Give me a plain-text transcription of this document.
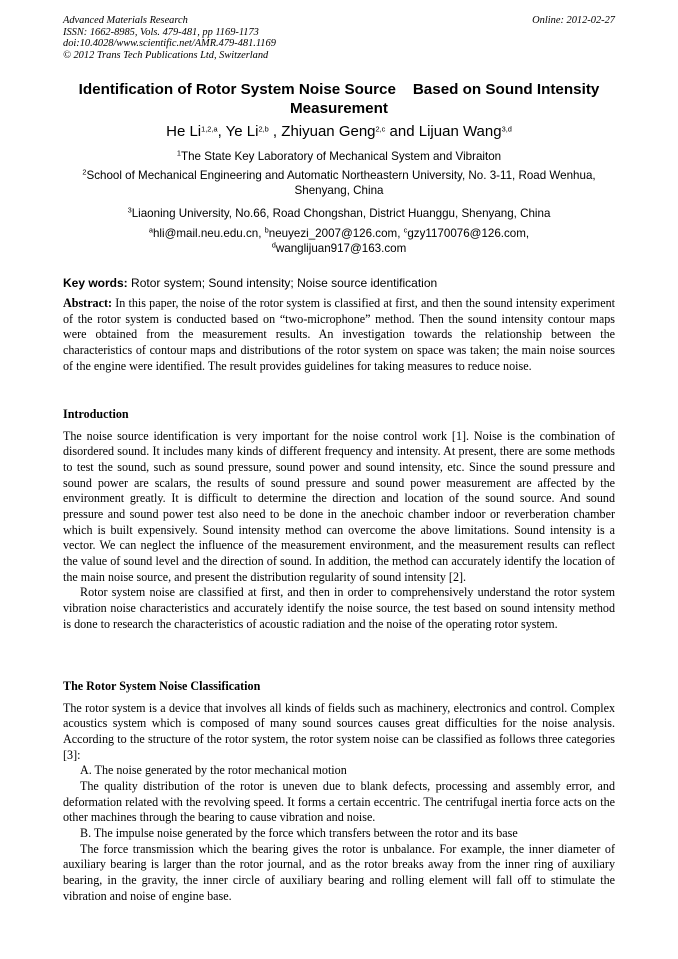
Advanced Materials Research
ISSN: 1662-8985, Vols. 479-481, pp 1169-1173
doi:10.4028/www.scientific.net/AMR.479-481.1169
© 2012 Trans Tech Publications Ltd, Switzerland
Online: 2012-02-27
Identification of Rotor System Noise Source    Based on Sound Intensity
Measurement
He Li$^{1,2,a}$, Ye Li$^{2,b}$ , Zhiyuan Geng$^{2,c}$ and Lijuan Wang$^{3,d}$
$^1$The State Key Laboratory of Mechanical System and Vibraiton
$^2$School of Mechanical Engineering and Automatic Northeastern University, No. 3-11, Road Wenhua,
Shenyang, China
$^3$Liaoning University, No.66, Road Chongshan, District Huanggu, Shenyang, China
$^a$hli@mail.neu.edu.cn, $^b$neuyezi_2007@126.com, $^c$gzy1170076@126.com,
$^d$wanglijuan917@163.com
Key words: Rotor system; Sound intensity; Noise source identification

Abstract: In this paper, the noise of the rotor system is classified at first, and then the sound intensity experiment of the rotor system is conducted based on “two-microphone” method. Then the sound intensity contour maps were obtained from the measurement results. An investigation towards the relationship between the characteristics of contour maps and distributions of the rotor system on space was taken; the main noise sources of the engine were identified. The result provides guidelines for taking measures to reduce noise.

Introduction

The noise source identification is very important for the noise control work [1]. Noise is the combination of disordered sound. It includes many kinds of different frequency and intensity. At present, there are some methods to test the sound, such as sound pressure, sound power and sound intensity, etc. Since the sound pressure and sound power are scalars, the results of sound pressure and sound power measurement are affected by the environment greatly. It is difficult to determine the direction and location of the sound source. And sound pressure and sound power test also need to be done in the anechoic chamber indoor or reverberation chamber which is built expensively. Sound intensity method can overcome the above limitations. Sound intensity is a vector. We can neglect the influence of the measurement environment, and the measurement results can reflect the value of sound level and the direction of sound. In addition, the method can accurately identify the location of the main noise source, and present the distribution regularity of sound intensity [2].

Rotor system noise are classified at first, and then in order to comprehensively understand the rotor system vibration noise characteristics and accurately identify the noise source, the test based on sound intensity method is done to research the characteristics of acoustic radiation and the noise of the operating rotor system.

The Rotor System Noise Classification

The rotor system is a device that involves all kinds of fields such as machinery, electronics and control. Complex acoustics system which is composed of many sound sources causes great difficulties for the noise analysis. According to the structure of the rotor system, the rotor system noise can be classified as follows three categories [3]:

A. The noise generated by the rotor mechanical motion

The quality distribution of the rotor is uneven due to blank defects, processing and assembly error, and deformation related with the revolving speed. It forms a certain eccentric. The centrifugal inertia force acts on the other machines through the bearing to cause vibration and noise.

B. The impulse noise generated by the force which transfers between the rotor and its base

The force transmission which the bearing gives the rotor is unbalance. For example, the inner diameter of auxiliary bearing is larger than the rotor journal, and as the rotor breaks away from the inner ring of auxiliary bearing, in the gravity, the inner circle of auxiliary bearing and rolling element will fall off to stimulate the vibration and noise of engine base.
